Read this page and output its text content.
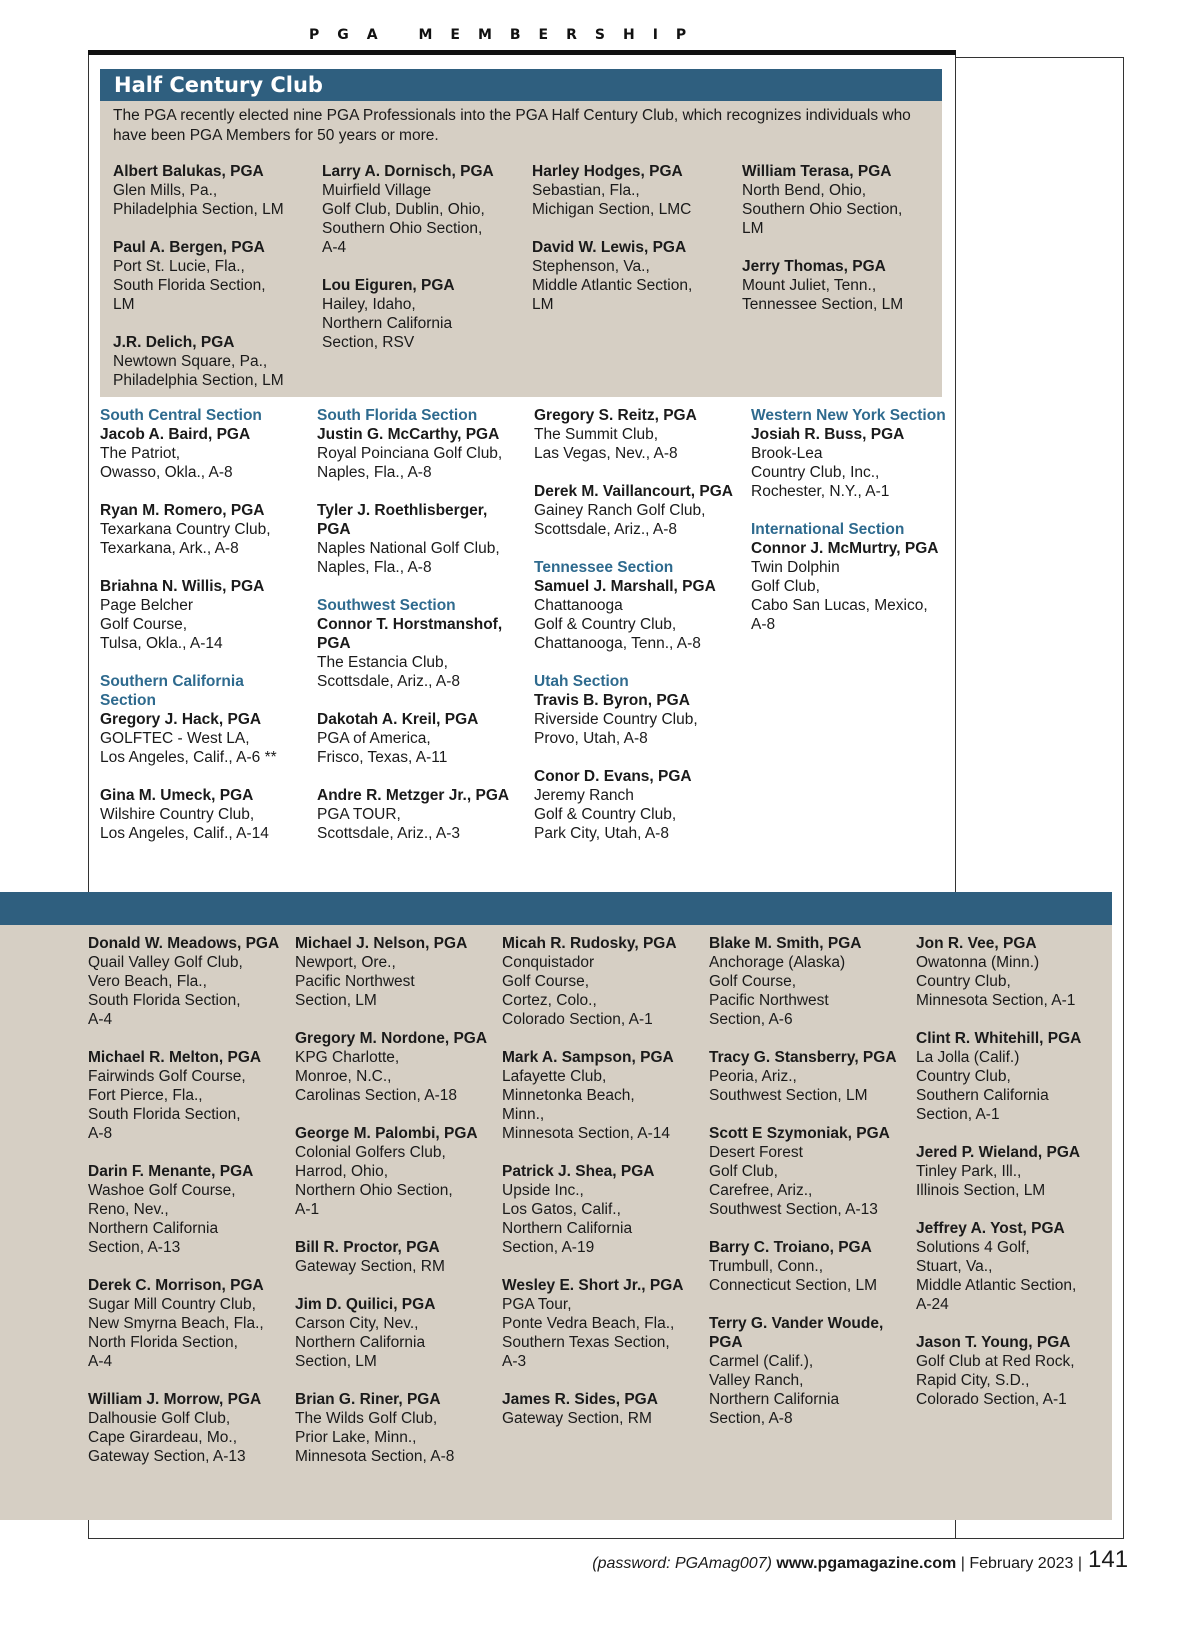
PGA MEMBERSHIP
Half Century Club

The PGA recently elected nine PGA Professionals into the PGA Half Century Club, which recognizes individuals who have been PGA Members for 50 years or more.

Albert Balukas, PGA
Glen Mills, Pa.,
Philadelphia Section, LM
Paul A. Bergen, PGA
Port St. Lucie, Fla.,
South Florida Section,
LM
J.R. Delich, PGA
Newtown Square, Pa.,
Philadelphia Section, LM
Larry A. Dornisch, PGA
Muirfield Village
Golf Club, Dublin, Ohio,
Southern Ohio Section,
A-4
Lou Eiguren, PGA
Hailey, Idaho,
Northern California
Section, RSV
Harley Hodges, PGA
Sebastian, Fla.,
Michigan Section, LMC
David W. Lewis, PGA
Stephenson, Va.,
Middle Atlantic Section,
LM
William Terasa, PGA
North Bend, Ohio,
Southern Ohio Section,
LM
Jerry Thomas, PGA
Mount Juliet, Tenn.,
Tennessee Section, LM
South Central Section
Jacob A. Baird, PGA
The Patriot,
Owasso, Okla., A-8
Ryan M. Romero, PGA
Texarkana Country Club,
Texarkana, Ark., A-8
Briahna N. Willis, PGA
Page Belcher
Golf Course,
Tulsa, Okla., A-14
Southern California Section
Gregory J. Hack, PGA
GOLFTEC - West LA,
Los Angeles, Calif., A-6 **
Gina M. Umeck, PGA
Wilshire Country Club,
Los Angeles, Calif., A-14
South Florida Section
Justin G. McCarthy, PGA
Royal Poinciana Golf Club,
Naples, Fla., A-8
Tyler J. Roethlisberger, PGA
Naples National Golf Club,
Naples, Fla., A-8
Southwest Section
Connor T. Horstmanshof, PGA
The Estancia Club,
Scottsdale, Ariz., A-8
Dakotah A. Kreil, PGA
PGA of America,
Frisco, Texas, A-11
Andre R. Metzger Jr., PGA
PGA TOUR,
Scottsdale, Ariz., A-3
Gregory S. Reitz, PGA
The Summit Club,
Las Vegas, Nev., A-8
Derek M. Vaillancourt, PGA
Gainey Ranch Golf Club,
Scottsdale, Ariz., A-8
Tennessee Section
Samuel J. Marshall, PGA
Chattanooga
Golf & Country Club,
Chattanooga, Tenn., A-8
Utah Section
Travis B. Byron, PGA
Riverside Country Club,
Provo, Utah, A-8
Conor D. Evans, PGA
Jeremy Ranch
Golf & Country Club,
Park City, Utah, A-8
Western New York Section
Josiah R. Buss, PGA
Brook-Lea
Country Club, Inc.,
Rochester, N.Y., A-1
International Section
Connor J. McMurtry, PGA
Twin Dolphin
Golf Club,
Cabo San Lucas, Mexico,
A-8
Donald W. Meadows, PGA
Quail Valley Golf Club,
Vero Beach, Fla.,
South Florida Section,
A-4
Michael R. Melton, PGA
Fairwinds Golf Course,
Fort Pierce, Fla.,
South Florida Section,
A-8
Darin F. Menante, PGA
Washoe Golf Course,
Reno, Nev.,
Northern California
Section, A-13
Derek C. Morrison, PGA
Sugar Mill Country Club,
New Smyrna Beach, Fla.,
North Florida Section,
A-4
William J. Morrow, PGA
Dalhousie Golf Club,
Cape Girardeau, Mo.,
Gateway Section, A-13
Michael J. Nelson, PGA
Newport, Ore.,
Pacific Northwest
Section, LM
Gregory M. Nordone, PGA
KPG Charlotte,
Monroe, N.C.,
Carolinas Section, A-18
George M. Palombi, PGA
Colonial Golfers Club,
Harrod, Ohio,
Northern Ohio Section,
A-1
Bill R. Proctor, PGA
Gateway Section, RM
Jim D. Quilici, PGA
Carson City, Nev.,
Northern California
Section, LM
Brian G. Riner, PGA
The Wilds Golf Club,
Prior Lake, Minn.,
Minnesota Section, A-8
Micah R. Rudosky, PGA
Conquistador
Golf Course,
Cortez, Colo.,
Colorado Section, A-1
Mark A. Sampson, PGA
Lafayette Club,
Minnetonka Beach,
Minn.,
Minnesota Section, A-14
Patrick J. Shea, PGA
Upside Inc.,
Los Gatos, Calif.,
Northern California
Section, A-19
Wesley E. Short Jr., PGA
PGA Tour,
Ponte Vedra Beach, Fla.,
Southern Texas Section,
A-3
James R. Sides, PGA
Gateway Section, RM
Blake M. Smith, PGA
Anchorage (Alaska)
Golf Course,
Pacific Northwest
Section, A-6
Tracy G. Stansberry, PGA
Peoria, Ariz.,
Southwest Section, LM
Scott E Szymoniak, PGA
Desert Forest
Golf Club,
Carefree, Ariz.,
Southwest Section, A-13
Barry C. Troiano, PGA
Trumbull, Conn.,
Connecticut Section, LM
Terry G. Vander Woude, PGA
Carmel (Calif.),
Valley Ranch,
Northern California
Section, A-8
Jon R. Vee, PGA
Owatonna (Minn.)
Country Club,
Minnesota Section, A-1
Clint R. Whitehill, PGA
La Jolla (Calif.)
Country Club,
Southern California
Section, A-1
Jered P. Wieland, PGA
Tinley Park, Ill.,
Illinois Section, LM
Jeffrey A. Yost, PGA
Solutions 4 Golf,
Stuart, Va.,
Middle Atlantic Section,
A-24
Jason T. Young, PGA
Golf Club at Red Rock,
Rapid City, S.D.,
Colorado Section, A-1
(password: PGAmag007) www.pgamagazine.com | February 2023 | 141
